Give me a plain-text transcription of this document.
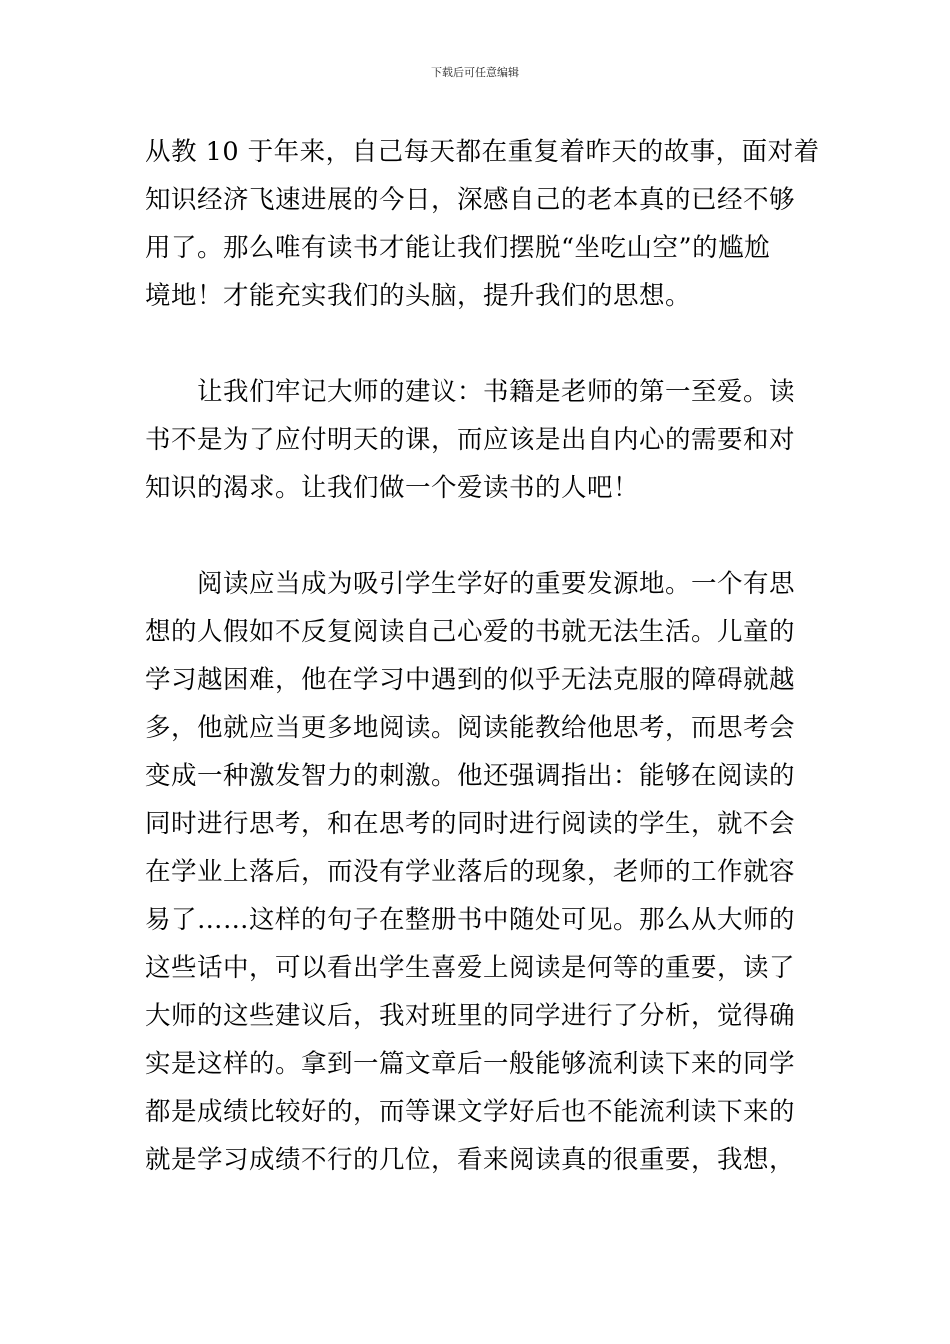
下载后可任意编辑

从教 10 于年来，自己每天都在重复着昨天的故事，面对着
知识经济飞速进展的今日，深感自己的老本真的已经不够
用了。那么唯有读书才能让我们摆脱“坐吃山空”的尴尬
境地！才能充实我们的头脑，提升我们的思想。

　　让我们牢记大师的建议：书籍是老师的第一至爱。读
书不是为了应付明天的课，而应该是出自内心的需要和对
知识的渴求。让我们做一个爱读书的人吧！

　　阅读应当成为吸引学生学好的重要发源地。一个有思
想的人假如不反复阅读自己心爱的书就无法生活。儿童的
学习越困难，他在学习中遇到的似乎无法克服的障碍就越
多，他就应当更多地阅读。阅读能教给他思考，而思考会
变成一种激发智力的刺激。他还强调指出：能够在阅读的
同时进行思考，和在思考的同时进行阅读的学生，就不会
在学业上落后，而没有学业落后的现象，老师的工作就容
易了……这样的句子在整册书中随处可见。那么从大师的
这些话中，可以看出学生喜爱上阅读是何等的重要，读了
大师的这些建议后，我对班里的同学进行了分析，觉得确
实是这样的。拿到一篇文章后一般能够流利读下来的同学
都是成绩比较好的，而等课文学好后也不能流利读下来的
就是学习成绩不行的几位，看来阅读真的很重要，我想，
